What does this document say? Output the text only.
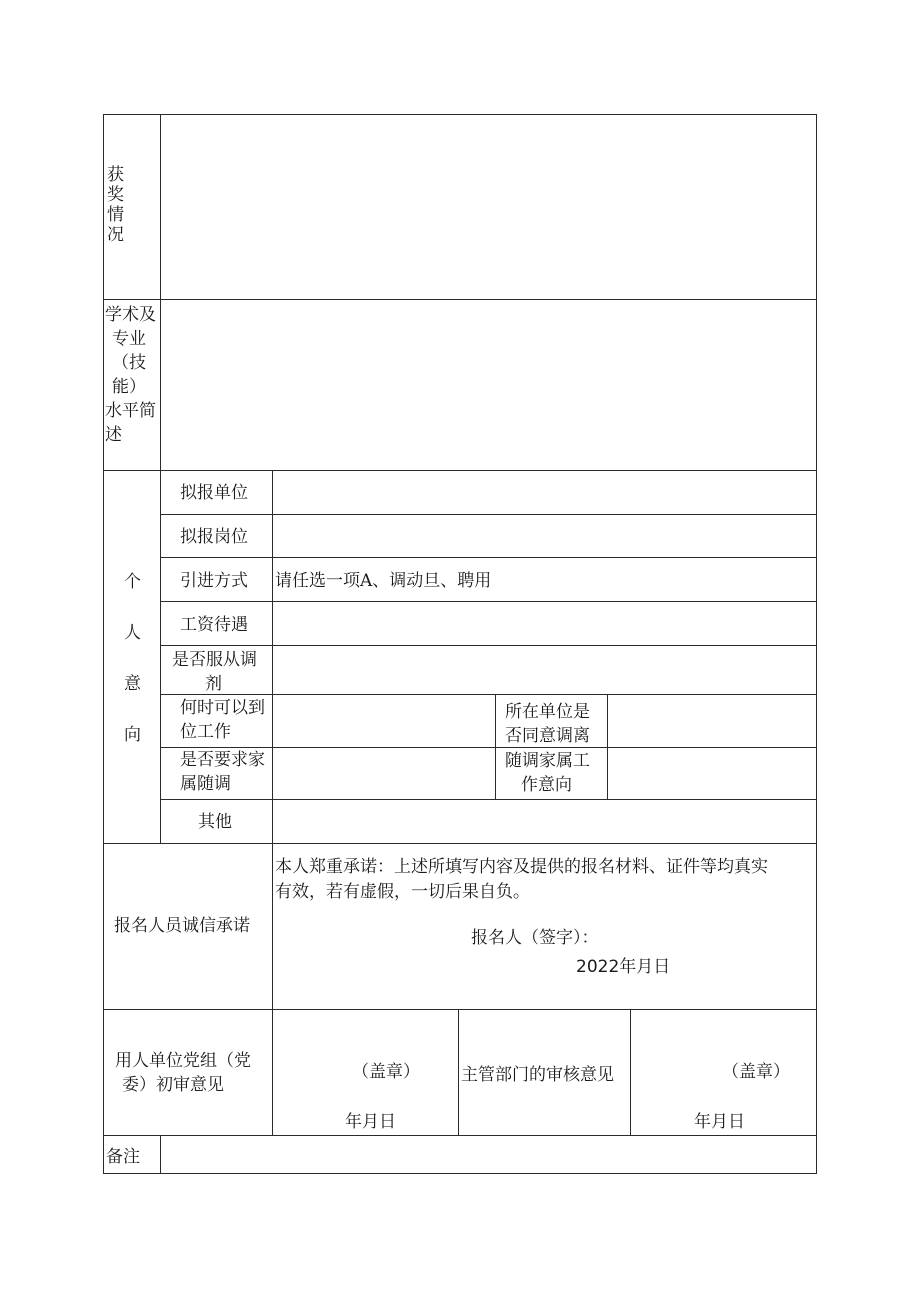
获
奖
情
况
学术及
专业
（技
能）
水平简
述
个
人
意
向
拟报单位
拟报岗位
引进方式 请任选一项A、调动旦、聘用
工资待遇
是否服从调
剂
何时可以到
位工作
所在单位是
否同意调离
是否要求家
属随调
随调家属工
作意向
其他
报名人员诚信承诺
本人郑重承诺：上述所填写内容及提供的报名材料、证件等均真实
有效，若有虚假，一切后果自负。
报名人（签字）：
2022年月日
用人单位党组（党
委）初审意见
（盖章）
年月日
主管部门的审核意见	（盖章）
年月日
备注
